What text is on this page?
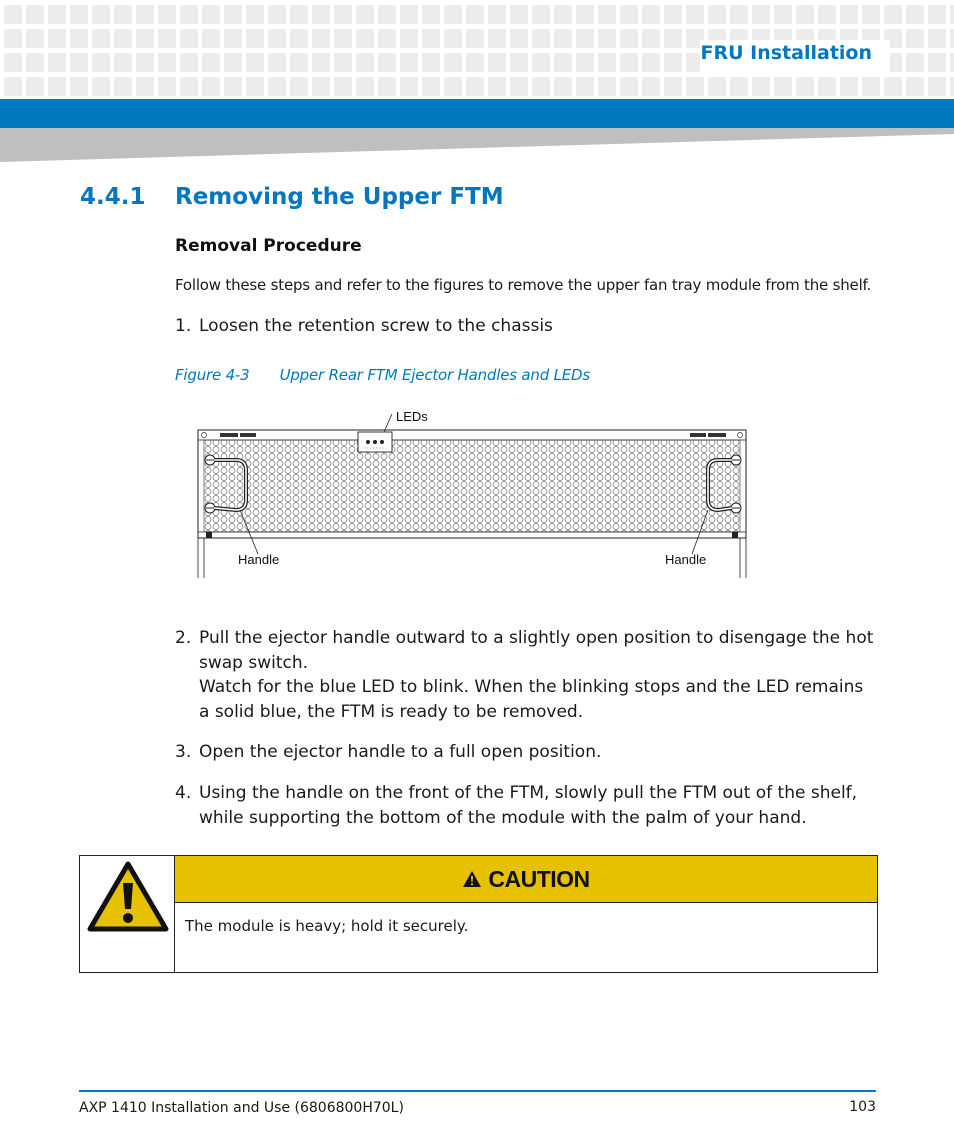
FRU Installation
4.4.1	Removing the Upper FTM
Removal Procedure
Follow these steps and refer to the figures to remove the upper fan tray module from the shelf.
1. Loosen the retention screw to the chassis
Figure 4-3 Upper Rear FTM Ejector Handles and LEDs
LEDs
Handle	Handle
2. Pull the ejector handle outward to a slightly open position to disengage the hot swap switch.
Watch for the blue LED to blink. When the blinking stops and the LED remains a solid blue, the FTM is ready to be removed.
3. Open the ejector handle to a full open position.
4. Using the handle on the front of the FTM, slowly pull the FTM out of the shelf, while supporting the bottom of the module with the palm of your hand.
CAUTION
The module is heavy; hold it securely.
AXP 1410 Installation and Use (6806800H70L)	103
